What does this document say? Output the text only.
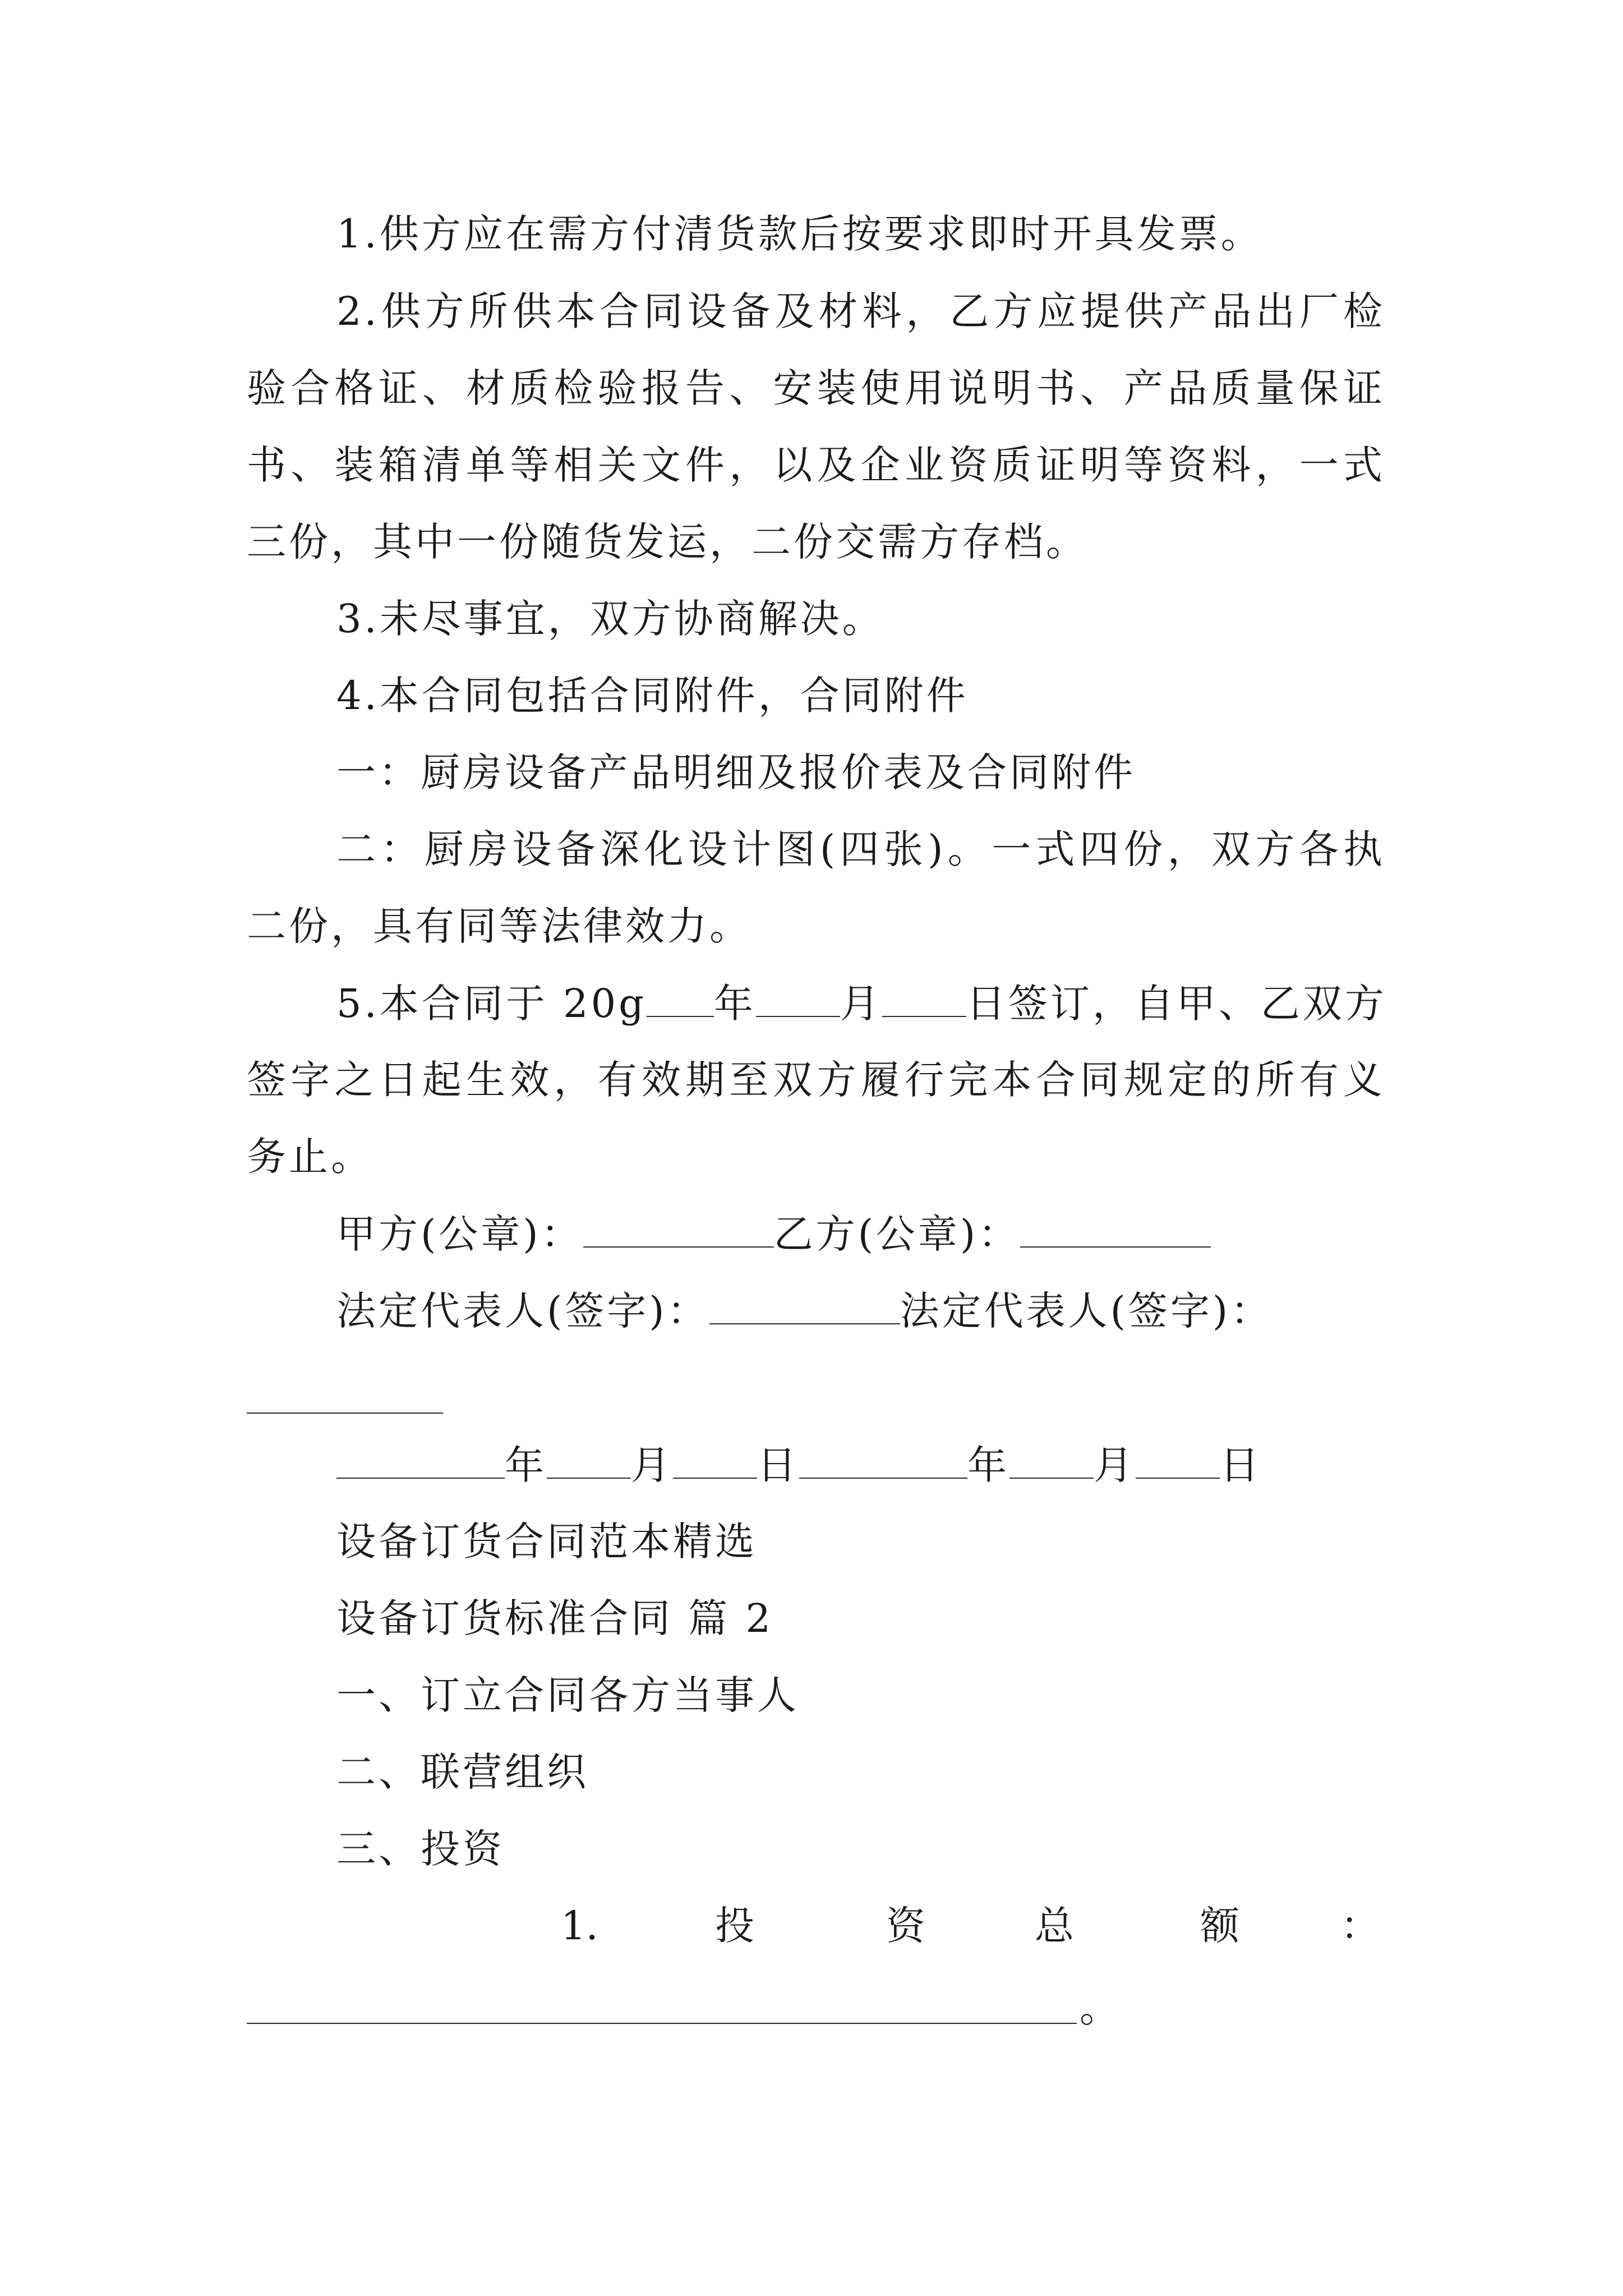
1.供方应在需方付清货款后按要求即时开具发票。
2.供方所供本合同设备及材料，乙方应提供产品出厂检
验合格证、材质检验报告、安装使用说明书、产品质量保证
书、装箱清单等相关文件，以及企业资质证明等资料，一式
三份，其中一份随货发运，二份交需方存档。
3.未尽事宜，双方协商解决。
4.本合同包括合同附件，合同附件
一：厨房设备产品明细及报价表及合同附件
二：厨房设备深化设计图(四张)。一式四份，双方各执
二份，具有同等法律效力。
5.本合同于 20g 年 月 日签订，自甲、乙双方
签字之日起生效，有效期至双方履行完本合同规定的所有义
务止。
甲方(公章)：	乙方(公章)：
法定代表人(签字)：	法定代表人(签字)：
年 月 日	年 月 日
设备订货合同范本精选
设备订货标准合同 篇 2
一、订立合同各方当事人
二、联营组织
三、投资
1.	投	资	总	额	：
。
